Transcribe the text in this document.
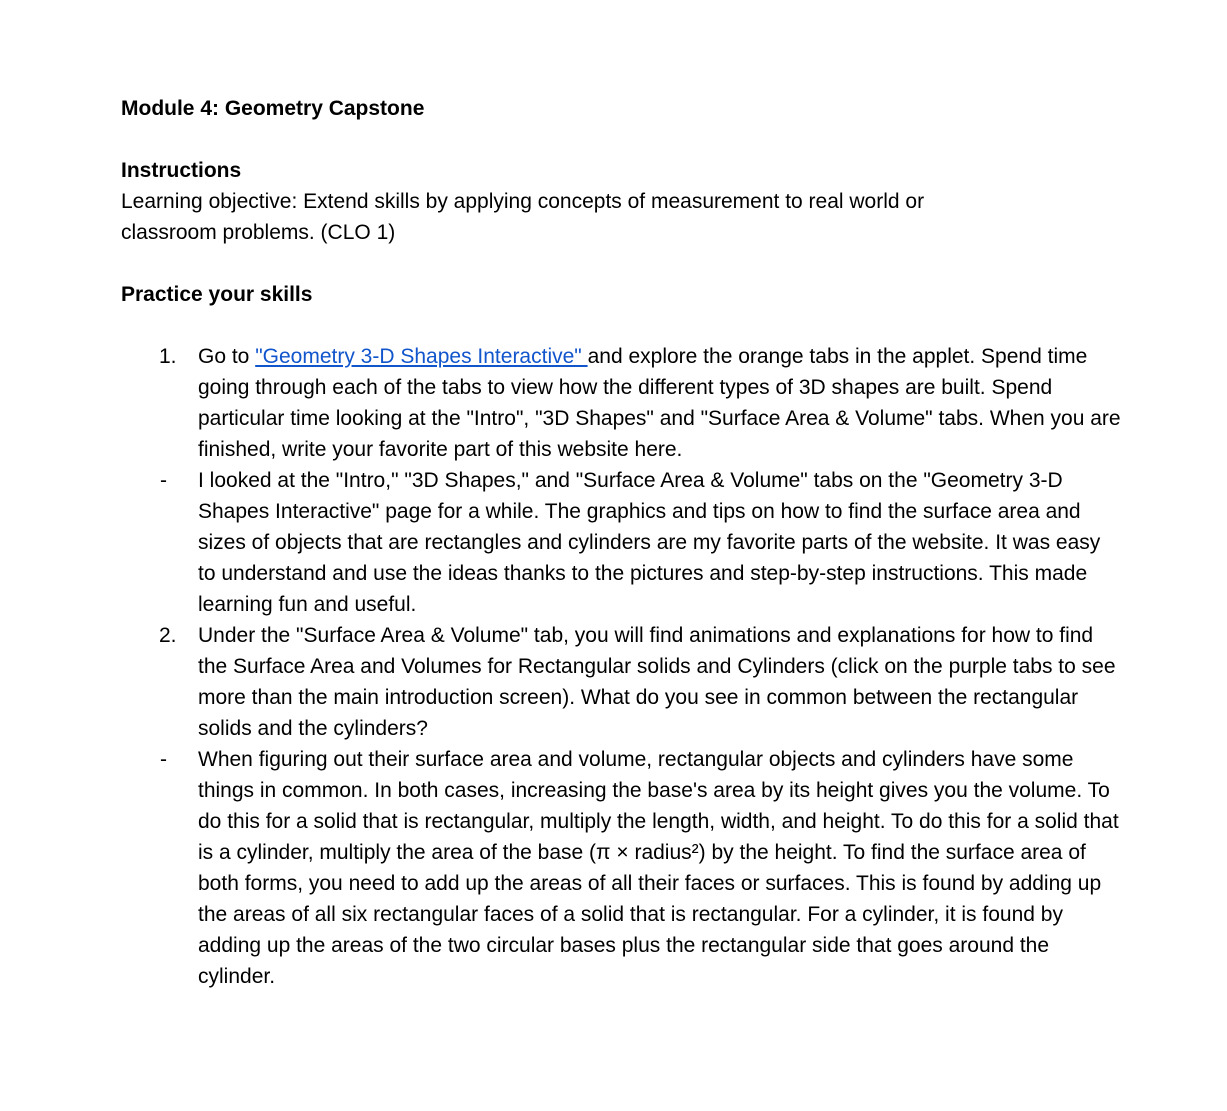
Module 4: Geometry Capstone

Instructions

Learning objective: Extend skills by applying concepts of measurement to real world or
classroom problems. (CLO 1)

Practice your skills

1.	Go to "Geometry 3-D Shapes Interactive" and explore the orange tabs in the applet. Spend time going through each of the tabs to view how the different types of 3D shapes are built. Spend particular time looking at the "Intro", "3D Shapes" and "Surface Area & Volume" tabs. When you are finished, write your favorite part of this website here.
-	I looked at the "Intro," "3D Shapes," and "Surface Area & Volume" tabs on the "Geometry 3-D Shapes Interactive" page for a while. The graphics and tips on how to find the surface area and sizes of objects that are rectangles and cylinders are my favorite parts of the website. It was easy to understand and use the ideas thanks to the pictures and step-by-step instructions. This made learning fun and useful.
2.	Under the "Surface Area & Volume" tab, you will find animations and explanations for how to find the Surface Area and Volumes for Rectangular solids and Cylinders (click on the purple tabs to see more than the main introduction screen). What do you see in common between the rectangular solids and the cylinders?
-	When figuring out their surface area and volume, rectangular objects and cylinders have some things in common. In both cases, increasing the base's area by its height gives you the volume. To do this for a solid that is rectangular, multiply the length, width, and height. To do this for a solid that is a cylinder, multiply the area of the base (π × radius²) by the height. To find the surface area of both forms, you need to add up the areas of all their faces or surfaces. This is found by adding up the areas of all six rectangular faces of a solid that is rectangular. For a cylinder, it is found by adding up the areas of the two circular bases plus the rectangular side that goes around the cylinder.
